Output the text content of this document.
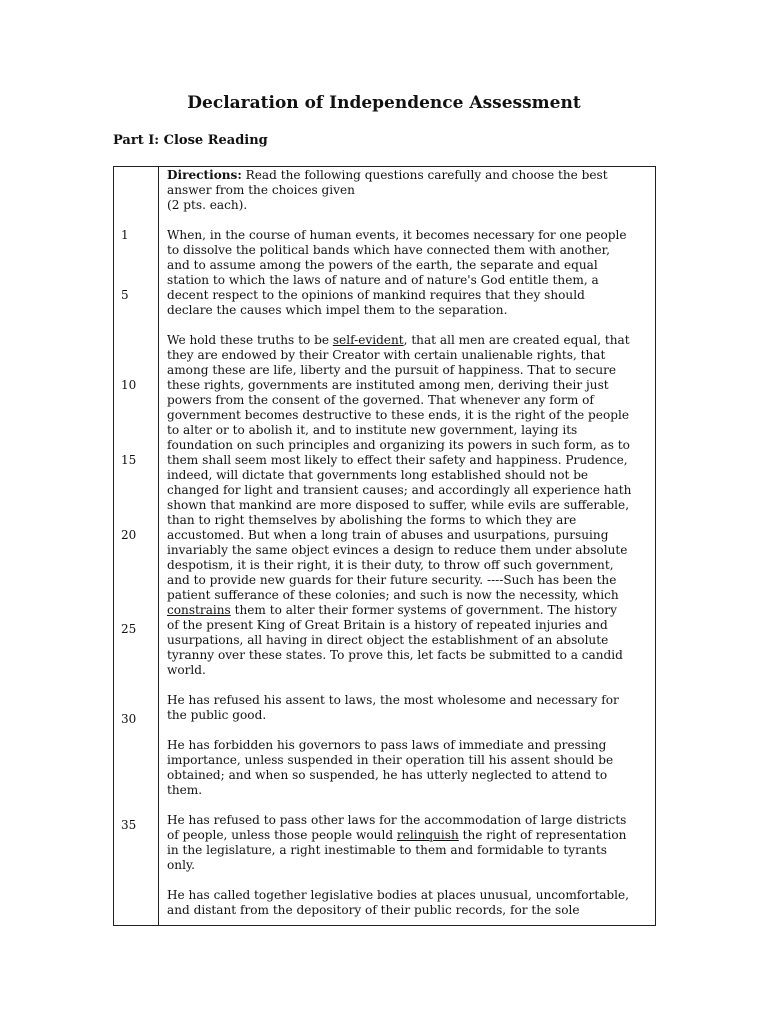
Declaration of Independence Assessment
Part I: Close Reading
1
5
10
15
20
25
30
35
Directions: Read the following questions carefully and choose the best
answer from the choices given
(2 pts. each).
When, in the course of human events, it becomes necessary for one people
to dissolve the political bands which have connected them with another,
and to assume among the powers of the earth, the separate and equal
station to which the laws of nature and of nature's God entitle them, a
decent respect to the opinions of mankind requires that they should
declare the causes which impel them to the separation.
We hold these truths to be self-evident, that all men are created equal, that
they are endowed by their Creator with certain unalienable rights, that
among these are life, liberty and the pursuit of happiness. That to secure
these rights, governments are instituted among men, deriving their just
powers from the consent of the governed. That whenever any form of
government becomes destructive to these ends, it is the right of the people
to alter or to abolish it, and to institute new government, laying its
foundation on such principles and organizing its powers in such form, as to
them shall seem most likely to effect their safety and happiness. Prudence,
indeed, will dictate that governments long established should not be
changed for light and transient causes; and accordingly all experience hath
shown that mankind are more disposed to suffer, while evils are sufferable,
than to right themselves by abolishing the forms to which they are
accustomed. But when a long train of abuses and usurpations, pursuing
invariably the same object evinces a design to reduce them under absolute
despotism, it is their right, it is their duty, to throw off such government,
and to provide new guards for their future security. ----Such has been the
patient sufferance of these colonies; and such is now the necessity, which
constrains them to alter their former systems of government. The history
of the present King of Great Britain is a history of repeated injuries and
usurpations, all having in direct object the establishment of an absolute
tyranny over these states. To prove this, let facts be submitted to a candid
world.
He has refused his assent to laws, the most wholesome and necessary for
the public good.
He has forbidden his governors to pass laws of immediate and pressing
importance, unless suspended in their operation till his assent should be
obtained; and when so suspended, he has utterly neglected to attend to
them.
He has refused to pass other laws for the accommodation of large districts
of people, unless those people would relinquish the right of representation
in the legislature, a right inestimable to them and formidable to tyrants
only.
He has called together legislative bodies at places unusual, uncomfortable,
and distant from the depository of their public records, for the sole
